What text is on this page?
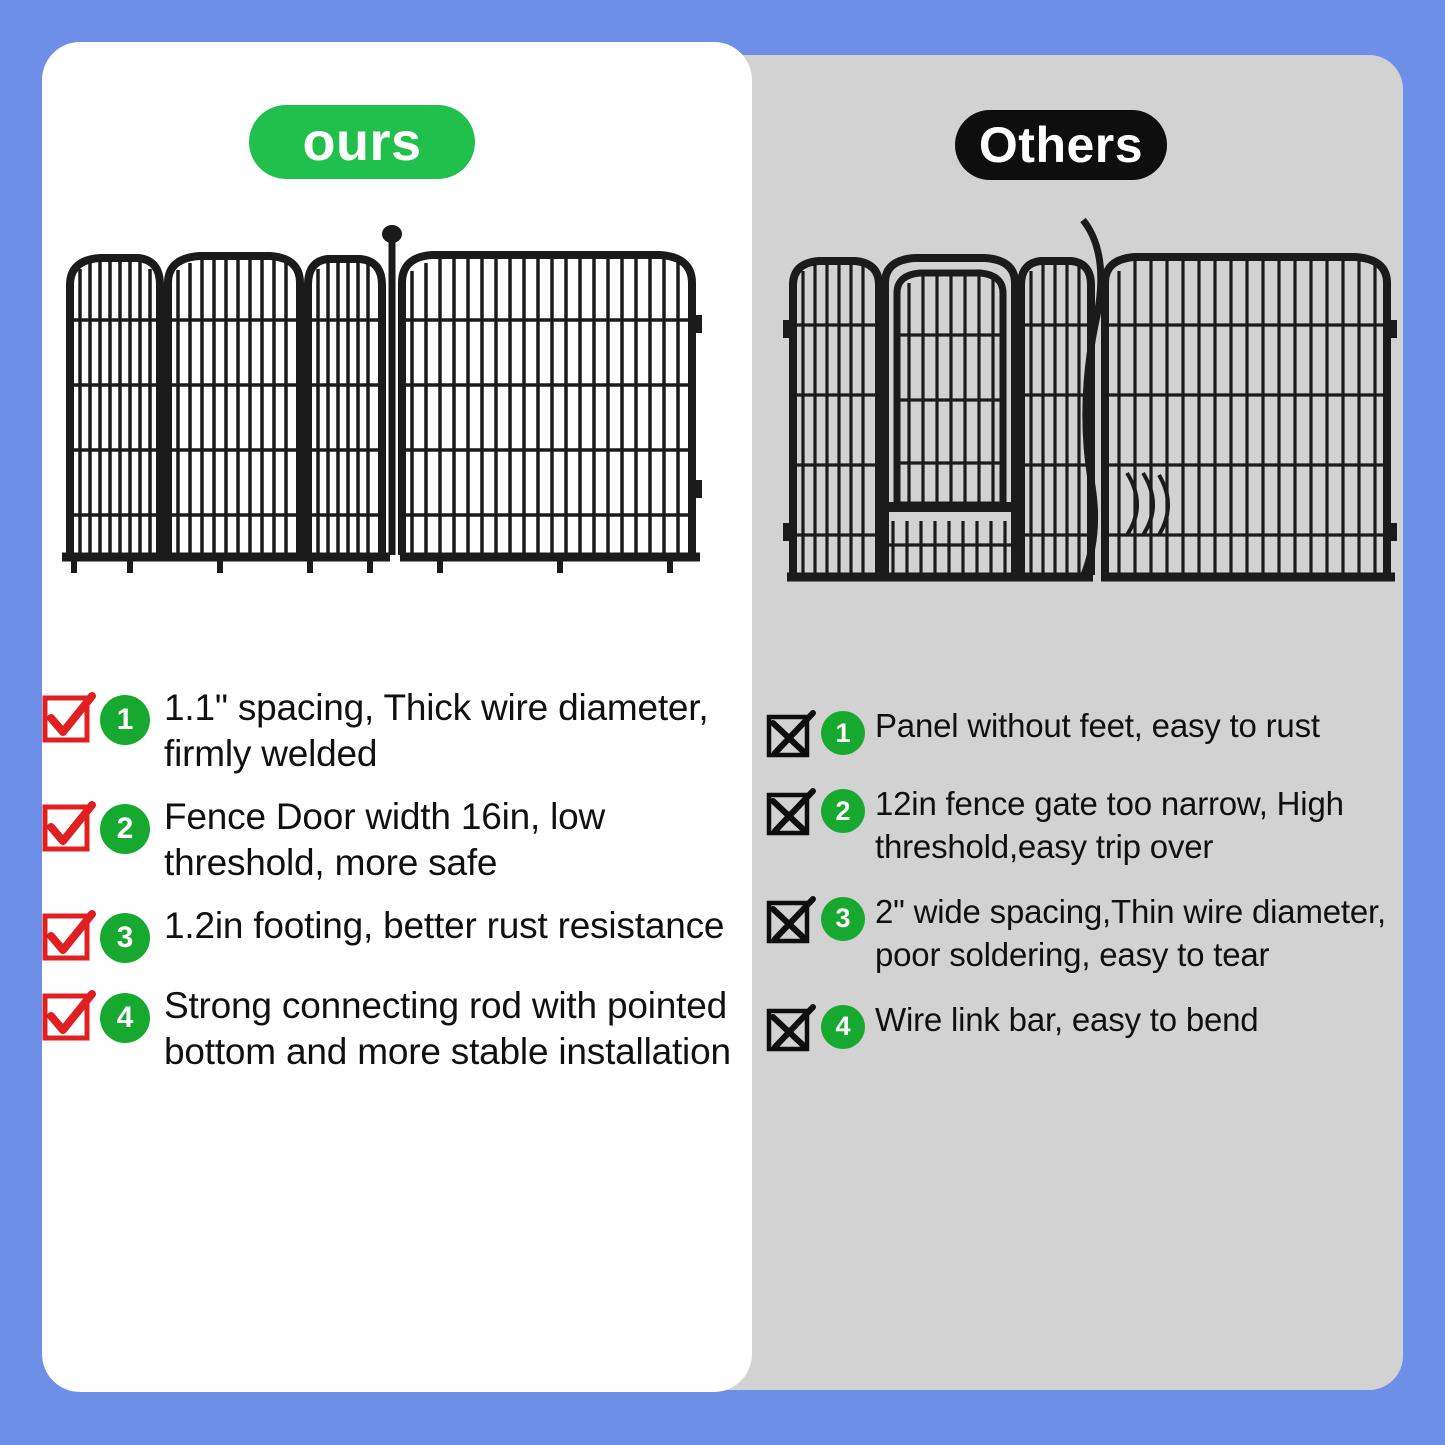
ours	Others
1 1.1" spacing, Thick wire diameter, firmly welded
2 Fence Door width 16in, low threshold, more safe
3 1.2in footing, better rust resistance
4 Strong connecting rod with pointed bottom and more stable installation
1 Panel without feet, easy to rust
2 12in fence gate too narrow, High threshold,easy trip over
3 2" wide spacing,Thin wire diameter, poor soldering, easy to tear
4 Wire link bar, easy to bend
